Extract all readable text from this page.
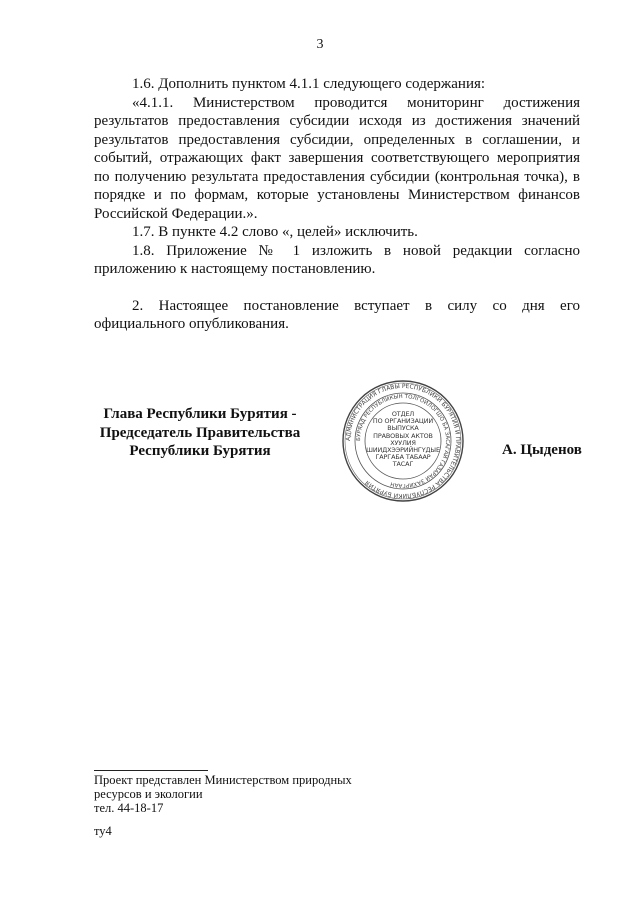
3

1.6. Дополнить пунктом 4.1.1 следующего содержания:

«4.1.1. Министерством проводится мониторинг достижения результатов предоставления субсидии исходя из достижения значений результатов предоставления субсидии, определенных в соглашении, и событий, отражающих факт завершения соответствующего мероприятия по получению результата предоставления субсидии (контрольная точка), в порядке и по формам, которые установлены Министерством финансов Российской Федерации.».

1.7. В пункте 4.2 слово «, целей» исключить.

1.8. Приложение № 1 изложить в новой редакции согласно приложению к настоящему постановлению.

2. Настоящее постановление вступает в силу со дня его официального опубликования.

Глава Республики Бурятия -
Председатель Правительства
Республики Бурятия	А. Цыденов
АДМИНИСТРАЦИЯ ГЛАВЫ РЕСПУБЛИКИ БУРЯТИЯ И ПРАВИТЕЛЬСТВА РЕСПУБЛИКИ БУРЯТИЯ
БУРЯАД РЕСПУБЛИКЫН ТОЛГОЙЛОГШО БА ЗАСАГАЙ ГАЗАРАЙ ЗАХИРГААН
ОТДЕЛ
ПО ОРГАНИЗАЦИИ
ВЫПУСКА
ПРАВОВЫХ АКТОВ
ХУУЛИЯ
ШИИДХЭЭРИЙНГҮДЫЕ
ГАРГАБА ТАБААР
ТАСАГ
Проект представлен Министерством природных
ресурсов и экологии
тел. 44-18-17
ту4
